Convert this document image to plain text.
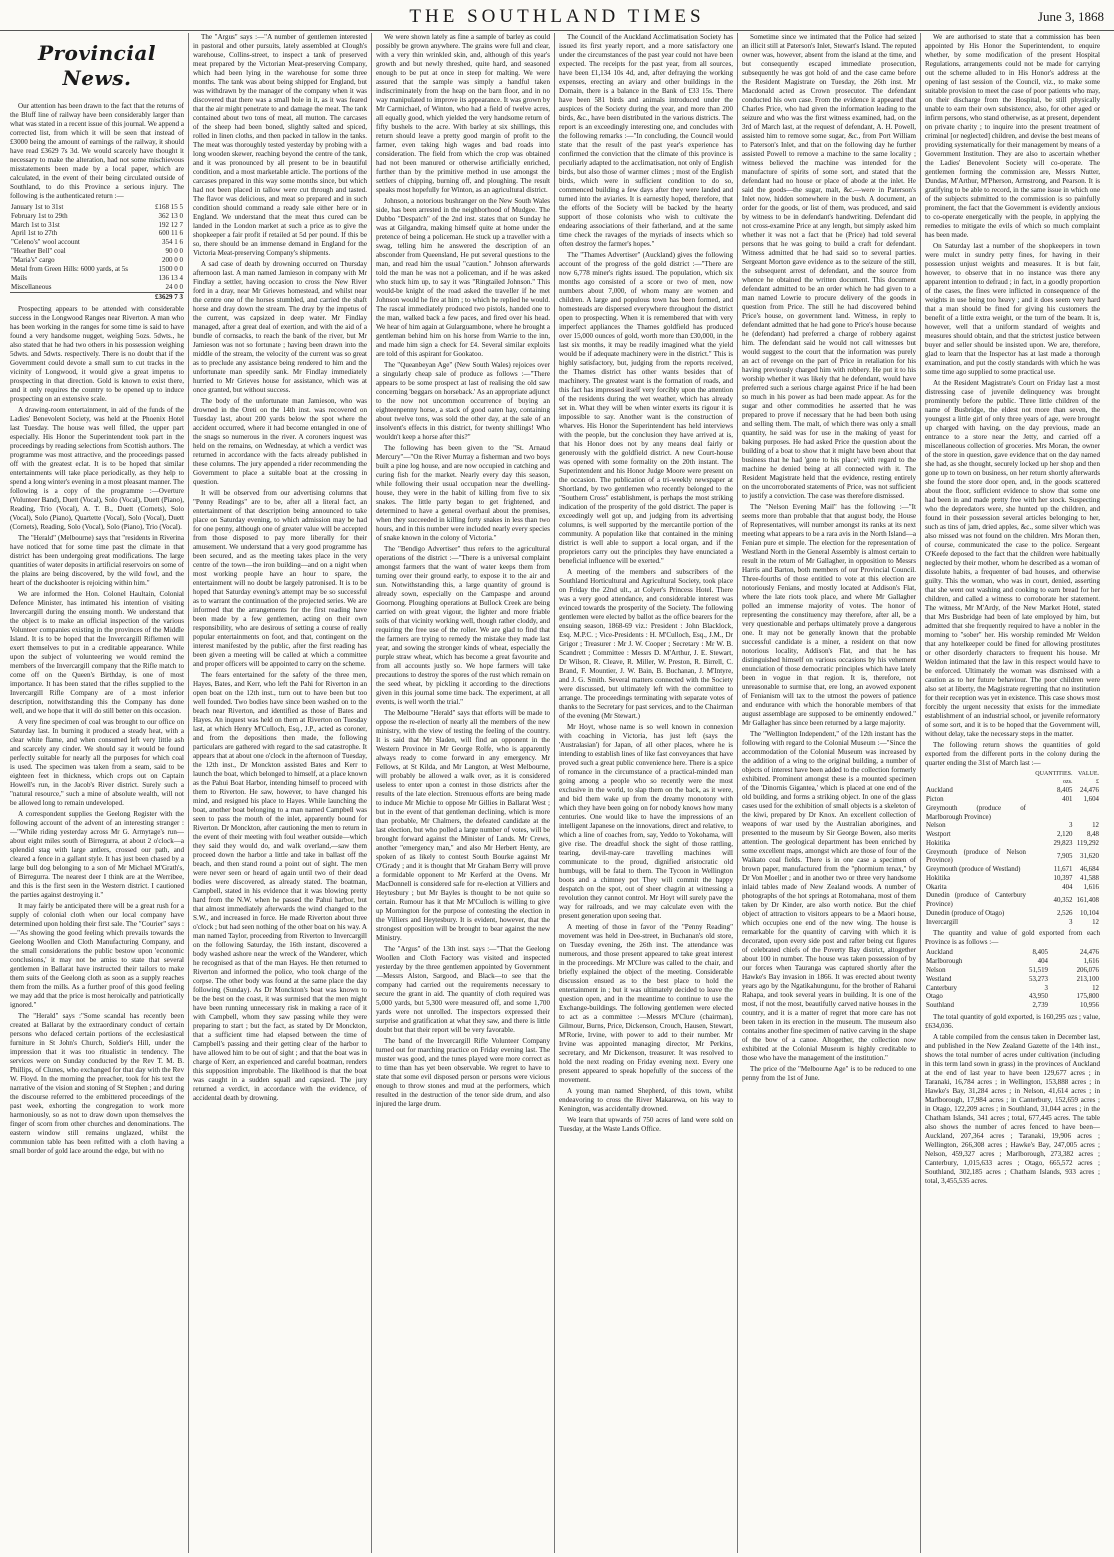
THE SOUTHLAND TIMES	June 3, 1868
Provincial News.

Our attention has been drawn to the fact that the returns of the Bluff line of railway have been considerably larger than what was stated in a recent issue of this journal. We append a corrected list, from which it will be seen that instead of £3000 being the amount of earnings of the railway, it should have read £3629 7s 3d. We would scarcely have thought it necessary to make the alteration, had not some mischievous misstatements been made by a local paper, which are calculated, in the event of their being circulated outside of Southland, to do this Province a serious injury. The following is the authenticated return :—

January 1st to 31st	£168 15 5
February 1st to 29th	362 13 0
March 1st to 31st	192 12 7
April 1st to 27th	600 11 6
"Celeno's" wool account	354 1 6
"Heather Bell" coal	90 0 0
"Maria's" cargo	200 0 0
Metal from Green Hills: 6000 yards, at 5s	1500 0 0
Mails	136 13 4
Miscellaneous	24 0 0
	£3629 7 3

Prospecting appears to be attended with considerable success in the Longwood Ranges near Riverton. A man who has been working in the ranges for some time is said to have found a very handsome nugget, weighing 5ozs. 5dwts., he also stated that he had two others in his possession weighing 5dwts. and 5dwts. respectively. There is no doubt that if the Government could devote a small sum to cut tracks in the vicinity of Longwood, it would give a great impetus to prospecting in that direction. Gold is known to exist there, and it only requires the country to be opened up to induce prospecting on an extensive scale.

A drawing-room entertainment, in aid of the funds of the Ladies' Benevolent Society, was held at the Phoenix Hotel last Tuesday. The house was well filled, the upper part especially. His Honor the Superintendent took part in the proceedings by reading selections from Scottish authors. The programme was most attractive, and the proceedings passed off with the greatest eclat. It is to be hoped that similar entertainments will take place periodically, as they help to spend a long winter's evening in a most pleasant manner. The following is a copy of the programme :—Overture (Volunteer Band), Duett (Vocal), Solo (Vocal), Duett (Piano), Reading, Trio (Vocal), A. T. B., Duett (Cornets), Solo (Vocal), Solo (Piano), Quartette (Vocal), Solo (Vocal), Duett (Cornets), Reading, Solo (Vocal), Solo (Piano), Trio (Vocal).

The "Herald" (Melbourne) says that "residents in Riverina have noticed that for some time past the climate in that district has been undergoing great modifications. The large quantities of water deposits in artificial reservoirs on some of the plains are being discovered, by the wild fowl, and the heart of the duckshooter is rejoicing within him."

We are informed the Hon. Colonel Haultain, Colonial Defence Minister, has intimated his intention of visiting Invercargill during the ensuing month. We understand that the object is to make an official inspection of the various Volunteer companies existing in the provinces of the Middle Island. It is to be hoped that the Invercargill Riflemen will exert themselves to put in a creditable appearance. While upon the subject of volunteering we would remind the members of the Invercargill company that the Rifle match to come off on the Queen's Birthday, is one of most importance. It has been stated that the rifles supplied to the Invercargill Rifle Company are of a most inferior description, notwithstanding this the Company has done well, and we hope that it will do still better on this occasion.

A very fine specimen of coal was brought to our office on Saturday last. In burning it produced a steady heat, with a clear white flame, and when consumed left very little ash and scarcely any cinder. We should say it would be found perfectly suitable for nearly all the purposes for which coal is used. The specimen was taken from a seam, said to be eighteen feet in thickness, which crops out on Captain Howell's run, in the Jacob's River district. Surely such a "natural resource," such a mine of absolute wealth, will not be allowed long to remain undeveloped.

A correspondent supplies the Geelong Register with the following account of the advent of an interesting stranger :—"While riding yesterday across Mr G. Armytage's run—about eight miles south of Birregurra, at about 2 o'clock—a splendid stag with large antlers, crossed our path, and cleared a fence in a gallant style. It has just been chased by a large bull dog belonging to a son of Mr Michael M'Grath's, of Birregurra. The nearest deer I think are at the Werribee, and this is the first seen in the Western district. I cautioned the parties against destroying it."

It may fairly be anticipated there will be a great rush for a supply of colonial cloth when our local company have determined upon holding their first sale. The "Courier" says :—"As showing the good feeling which prevails towards the Geelong Woollen and Cloth Manufacturing Company, and the small considerations the public bestow upon 'economic conclusions,' it may not be amiss to state that several gentlemen in Ballarat have instructed their tailors to make them suits of the Geelong cloth as soon as a supply reaches them from the mills. As a further proof of this good feeling we may add that the price is most heroically and patriotically ignored."

The "Herald" says :"Some scandal has recently been created at Ballarat by the extraordinary conduct of certain persons who defaced certain portions of the ecclesiastical furniture in St John's Church, Soldier's Hill, under the impression that it was too ritualistic in tendency. The services were on Sunday conducted by the Rev T. M. B. Phillips, of Clunes, who exchanged for that day with the Rev W. Floyd. In the morning the preacher, took for his text the narrative of the vision and stoning of St Stephen ; and during the discourse referred to the embittered proceedings of the past week, exhorting the congregation to work more harmoniously, so as not to draw down upon themselves the finger of scorn from other churches and denominations. The eastern window still remains unglazed, whilst the communion table has been refitted with a cloth having a small border of gold lace around the edge, but with no

The "Argus" says :—"A number of gentlemen interested in pastoral and other pursuits, lately assembled at Clough's warehouse, Collins-street, to inspect a tank of preserved meat prepared by the Victorian Meat-preserving Company, which had been lying in the warehouse for some three months. The tank was about being shipped for England, but was withdrawn by the manager of the company when it was discovered that there was a small hole in it, as it was feared that the air might penetrate to and damage the meat. The tank contained about two tons of meat, all mutton. The carcases of the sheep had been boned, slightly salted and spiced, rolled in linen cloths, and then packed in tallow in the tanks. The meat was thoroughly tested yesterday by probing with a long wooden skewer, reaching beyond the centre of the tank, and it was pronounced by all present to be in beautiful condition, and a most marketable article. The portions of the carcases prepared in this way some months since, but which had not been placed in tallow were cut through and tasted. The flavor was delicious, and meat so prepared and in such condition should command a ready sale either here or in England. We understand that the meat thus cured can be landed in the London market at such a price as to give the shopkeeper a fair profit if retailed at 5d per pound. If this be so, there should be an immense demand in England for the Victoria Meat-preserving Company's shipments.

A sad case of death by drowning occurred on Thursday afternoon last. A man named Jamieson in company with Mr Findlay a settler, having occasion to cross the New River ford in a dray, near Mr Grieves homestead, and whilst near the centre one of the horses stumbled, and carried the shaft horse and dray down the stream. The dray by the impetus of the current, was capsized in deep water. Mr Findlay managed, after a great deal of exertion, and with the aid of a bundle of cornsacks, to reach the bank of the river, but Mr Jamieson was not so fortunate ; having been drawn into the middle of the stream, the velocity of the current was so great as to preclude any assistance being rendered to him and the unfortunate man speedily sank. Mr Findlay immediately hurried to Mr Grieves house for assistance, which was at once granted, but without success.

The body of the unfortunate man Jamieson, who was drowned in the Oreti on the 14th inst. was recovered on Tuesday last, about 200 yards below the spot where the accident occurred, where it had become entangled in one of the snags so numerous in the river. A coroners inquest was held on the remains, on Wednesday, at which a verdict was returned in accordance with the facts already published in these columns. The jury appended a rider recommending the Government to place a suitable boat at the crossing in question.

It will be observed from our advertising columns that "Penny Readings" are to be, after all a literal fact, an entertainment of that description being announced to take place on Saturday evening, to which admission may be had for one penny, although one of greater value will be accepted from those disposed to pay more liberally for their amusement. We understand that a very good programme has been secured, and as the meeting takes place in the very centre of the town—the iron building—and on a night when most working people have an hour to spare, the entertainment will no doubt be largely patronised. It is to be hoped that Saturday evening's attempt may be so successful as to warrant the continuation of the projected series. We are informed that the arrangements for the first reading have been made by a few gentlemen, acting on their own responsibility, who are desirous of setting a course of really popular entertainments on foot, and that, contingent on the interest manifested by the public, after the first reading has been given a meeting will be called at which a committee and proper officers will be appointed to carry on the scheme.

The fears entertained for the safety of the three men, Hayes, Bates, and Kerr, who left the Pahi for Riverton in an open boat on the 12th inst., turn out to have been but too well founded. Two bodies have since been washed on to the beach near Riverton, and identified as those of Bates and Hayes. An inquest was held on them at Riverton on Tuesday last, at which Henry M'Culloch, Esq., J.P., acted as coroner, and from the depositions then made, the following particulars are gathered with regard to the sad catastrophe. It appears that at about one o'clock in the afternoon of Tuesday, the 12th inst., Dr Monckton assisted Bates and Kerr to launch the boat, which belonged to himself, at a place known as the Pahui Boat Harbor, intending himself to proceed with them to Riverton. He saw, however, to have changed his mind, and resigned his place to Hayes. While launching the boat, another boat belonging to a man named Campbell was seen to pass the mouth of the inlet, apparently bound for Riverton. Dr Monckton, after cautioning the men to return in the event of their meeting with foul weather outside—which they said they would do, and walk overland,—saw them proceed down the harbor a little and take in ballast off the beach, and then stand round a point out of sight. The men were never seen or heard of again until two of their dead bodies were discovered, as already stated. The boatman, Campbell, stated in his evidence that it was blowing pretty hard from the N.W. when he passed the Pahui harbor, but that almost immediately afterwards the wind changed to the S.W., and increased in force. He made Riverton about three o'clock ; but had seen nothing of the other boat on his way. A man named Taylor, proceeding from Riverton to Invercargill on the following Saturday, the 16th instant, discovered a body washed ashore near the wreck of the Wanderer, which he recognised as that of the man Hayes. He then returned to Riverton and informed the police, who took charge of the corpse. The other body was found at the same place the day following (Sunday). As Dr Monckton's boat was known to be the best on the coast, it was surmised that the men might have been running unnecessary risk in making a race of it with Campbell, whom they saw passing while they were preparing to start ; but the fact, as stated by Dr Monckton, that a sufficient time had elapsed between the time of Campbell's passing and their getting clear of the harbor to have allowed him to be out of sight ; and that the boat was in charge of Kerr, an experienced and careful boatman, renders this supposition improbable. The likelihood is that the boat was caught in a sudden squall and capsized. The jury returned a verdict, in accordance with the evidence, of accidental death by drowning.

We were shown lately as fine a sample of barley as could possibly be grown anywhere. The grains were full and clear, with a very thin wrinkled skin, and, although of this year's growth and but newly threshed, quite hard, and seasoned enough to be put at once in steep for malting. We were assured that the sample was simply a handful taken indiscriminately from the heap on the barn floor, and in no way manipulated to improve its appearance. It was grown by Mr Carmichael, of Winton, who had a field of twelve acres, all equally good, which yielded the very handsome return of fifty bushels to the acre. With barley at six shillings, this return should leave a pretty good margin of profit to the farmer, even taking high wages and bad roads into consideration. The field from which the crop was obtained had not been manured or otherwise artificially enriched, further than by the primitive method in use amongst the settlers of chipping, burning off, and ploughing. The result speaks most hopefully for Winton, as an agricultural district.

Johnson, a notorious bushranger on the New South Wales side, has been arrested in the neighborhood of Mudgee. The Dubbo "Despatch" of the 2nd inst. states that on Sunday he was at Gilgandra, making himself quite at home under the pretence of being a policeman. He stuck up a traveller with a swag, telling him he answered the description of an absconder from Queensland, He put several questions to the man, and read him the usual "caution." Johnson afterwards told the man he was not a policeman, and if he was asked who stuck him up, to say it was "Ringtailed Johnson." This would-be knight of the road asked the traveller if he met Johnson would he fire at him ; to which he replied he would. The rascal immediately produced two pistols, handed one to the man, walked back a few paces, and fired over his head. We hear of him again at Gularguambone, where he brought a gentleman behind him on his horse from Warrie to the inn, and made him sign a check for £4. Several similar exploits are told of this aspirant for Gookatoo.

The "Queanbeyan Age" (New South Wales) rejoices over a singularly cheap sale of produce as follows :—"There appears to be some prospect at last of realising the old saw concerning 'beggars on horseback.' As an appropriate adjunct to the now not uncommon occurrence of buying an eighteenpenny horse, a stack of good oaten hay, containing about twelve tons, was sold the other day, at the sale of an insolvent's effects in this district, for twenty shillings! Who wouldn't keep a horse after this?"

The following has been given to the "St. Arnaud Mercury"—"On the River Murray a fisherman and two boys built a pine log house, and are now occupied in catching and curing fish for the market. Nearly every day this season, while following their usual occupation near the dwelling-house, they were in the habit of killing from five to six snakes. The little party began to get frightened, and determined to have a general overhaul about the premises, when they succeeded in killing forty snakes in less than two hours, and in this number were included nearly every species of snake known in the colony of Victoria."

The "Bendigo Advertiser" thus refers to the agricultural operations of the district :—"There is a universal complaint amongst farmers that the want of water keeps them from turning over their ground early, to expose it to the air and sun. Notwithstanding this, a large quantity of ground is already sown, especially on the Campaspe and around Goornong. Ploughing operations at Bullock Creek are being carried on with great vigour, the lighter and more friable soils of that vicinity working well, though rather cloddy, and requiring the free use of the roller. We are glad to find that the farmers are trying to remedy the mistake they made last year, and sowing the stronger kinds of wheat, especially the purple straw wheat, which has become a great favourite and from all accounts justly so. We hope farmers will take precautions to destroy the spores of the rust which remain on the seed wheat, by pickling it according to the directions given in this journal some time back. The experiment, at all events, is well worth the trial."

The Melbourne "Herald" says that efforts will be made to oppose the re-election of nearly all the members of the new ministry, with the view of testing the feeling of the country. It is said that Mr Sladen, will find an opponent in the Western Province in Mr George Rolfe, who is apparently always ready to come forward in any emergency. Mr Fellows, at St Kilda, and Mr Langton, at West Melbourne, will probably be allowed a walk over, as it is considered useless to enter upon a contest in those districts after the results of the late election. Strenuous efforts are being made to induce Mr Michie to oppose Mr Gillies in Ballarat West ; but in the event of that gentleman declining, which is more than probable, Mr Chalmers, the defeated candidate at the last election, but who polled a large number of votes, will be brought forward against the Minister of Lands. Mr Crews, another "emergency man," and also Mr Herbert Henty, are spoken of as likely to contest South Bourke against Mr O'Grady ; and it is thought that Mr Graham Berry will prove a formidable opponent to Mr Kerferd at the Ovens. Mr MacDonnell is considered safe for re-election at Villiers and Heytesbury ; but Mr Bayles is thought to be not quite so certain. Rumour has it that Mr M'Culloch is willing to give up Mornington for the purpose of contesting the election in the Villiers and Heytesbury. It is evident, however, that the strongest opposition will be brought to bear against the new Ministry.

The "Argus" of the 13th inst. says :—"That the Geelong Woollen and Cloth Factory was visited and inspected yesterday by the three gentlemen appointed by Government—Messrs Alston, Sargood, and Black—to see that the company had carried out the requirements necessary to secure the grant in aid. The quantity of cloth required was 5,000 yards, but 5,300 were measured off, and some 1,700 yards were not unrolled. The inspectors expressed their surprise and gratification at what they saw, and there is little doubt but that their report will be very favorable.

The band of the Invercargill Rifle Volunteer Company turned out for marching practice on Friday evening last. The muster was good, and the tunes played were more correct as to time than has yet been observable. We regret to have to state that some evil disposed person or persons were vicious enough to throw stones and mud at the performers, which resulted in the destruction of the tenor side drum, and also injured the large drum.

The Council of the Auckland Acclimatisation Society has issued its first yearly report, and a more satisfactory one under the circumstances of the past year could not have been expected. The receipts for the past year, from all sources, have been £1,134 10s 4d, and, after defraying the working expenses, erecting an aviary and other buildings in the Domain, there is a balance in the Bank of £33 15s. There have been 581 birds and animals introduced under the auspices of the Society during the year, and more than 200 birds, &c., have been distributed in the various districts. The report is an exceedingly interesting one, and concludes with the following remarks :—"In concluding, the Council would state that the result of the past year's experience has confirmed the conviction that the climate of this province is peculiarly adapted to the acclimatisation, not only of English birds, but also those of warmer climes ; most of the English birds, which were in sufficient condition to do so, commenced building a few days after they were landed and turned into the aviaries. It is earnestly hoped, therefore, that the efforts of the Society will be backed by the hearty support of those colonists who wish to cultivate the endearing associations of their fatherland, and at the same time check the ravages of the myriads of insects which so often destroy the farmer's hopes."

The "Thames Advertiser" (Auckland) gives the following account of the progress of the gold district :—"There are now 6,778 miner's rights issued. The population, which six months ago consisted of a score or two of men, now numbers about 7,000, of whom many are women and children. A large and populous town has been formed, and homesteads are dispersed everywhere throughout the district open to prospecting. When it is remembered that with very imperfect appliances the Thames goldfield has produced over 15,000 ounces of gold, worth more than £30,000, in the last six months, it may be readily imagined what the yield would be if adequate machinery were in the district." This is highly satisfactory, but, judging from the reports received, the Thames district has other wants besides that of machinery. The greatest want is the formation of roads, and this fact has impressed itself very forcibly upon the attention of the residents during the wet weather, which has already set in. What they will be when winter exerts its rigour it is impossible to say. Another want is the construction of wharves. His Honor the Superintendent has held interviews with the people, but the conclusion they have arrived at is, that his Honor does not by any means deal fairly or generously with the goldfield district. A new Court-house was opened with some formality on the 20th instant. The Superintendent and his Honor Judge Moore were present on the occasion. The publication of a tri-weekly newspaper at Shortland, by two gentlemen who recently belonged to the "Southern Cross" establishment, is perhaps the most striking indication of the prosperity of the gold district. The paper is exceedingly well got up, and judging from its advertising columns, is well supported by the mercantile portion of the community. A population like that contained in the mining district is well able to support a local organ, and if the proprietors carry out the principles they have enunciated a beneficial influence will be exerted."

A meeting of the members and subscribers of the Southland Horticultural and Agricultural Society, took place on Friday the 22nd ult., at Colyer's Princess Hotel. There was a very good attendance, and considerable interest was evinced towards the prosperity of the Society. The following gentlemen were elected by ballot as the office bearers for the ensuing season, 1868-69 viz.: President : John Blacklock, Esq. M.P.C. ; Vice-Presidents : H. M'Culloch, Esq., J.M., Dr Grigor ; Treasurer : Mr J. W. Cooper ; Secretary : Mr W. B. Scandrett ; Committee : Messrs D. M'Arthur, J. E. Stewart, Dr Wilson, R. Cleave, R. Miller, W. Preston, R. Birrell, C. Brand, F. Mountier, J. W. Bain, B. Buchanan, J. M'Intyre, and J. G. Smith. Several matters connected with the Society were discussed, but ultimately left with the committee to arrange. The proceedings terminating with separate votes of thanks to the Secretary for past services, and to the Chairman of the evening (Mr Stewart.)

Mr Hoyt, whose name is so well known in connexion with coaching in Victoria, has just left (says the 'Australasian') for Japan, of all other places, where he is intending to establish lines of like fast conveyances that have proved such a great public convenience here. There is a spice of romance in the circumstance of a practical-minded man going among a people who so recently were the most exclusive in the world, to slap them on the back, as it were, and bid them wake up from the dreamy monotony with which they have been going on for nobody knows how many centuries. One would like to have the impressions of an intelligent Japanese on the innovations, direct and relative, to which a line of coaches from, say, Yeddo to Yokohama, will give rise. The dreadful shock the sight of those rattling, tearing, devil-may-care travelling machines will communicate to the proud, dignified aristocratic old humbugs, will be fatal to them. The Tycoon in Wellington boots and a chimney pot They will commit the happy despatch on the spot, out of sheer chagrin at witnessing a revolution they cannot control. Mr Hoyt will surely pave the way for railroads, and we may calculate even with the present generation upon seeing that.

A meeting of those in favor of the "Penny Reading" movement was held in Dee-street, in Buchanan's old store, on Tuesday evening, the 26th inst. The attendance was numerous, and those present appeared to take great interest in the proceedings. Mr M'Clure was called to the chair, and briefly explained the object of the meeting. Considerable discussion ensued as to the best place to hold the entertainment in ; but it was ultimately decided to leave the question open, and in the meantime to continue to use the Exchange-buildings. The following gentlemen were elected to act as a committee :—Messrs M'Clure (chairman), Gilmour, Burns, Price, Dickenson, Crouch, Hausen, Stewart, M'Rorie, Irvine, with power to add to their number. Mr Irvine was appointed managing director, Mr Perkins, secretary, and Mr Dickenson, treasurer. It was resolved to hold the next reading on Friday evening next. Every one present appeared to speak hopefully of the success of the movement.

A young man named Shepherd, of this town, whilst endeavoring to cross the River Makarewa, on his way to Kenington, was accidentally drowned.

We learn that upwards of 750 acres of land were sold on Tuesday, at the Waste Lands Office.

Sometime since we intimated that the Police had seized an illicit still at Paterson's Inlet, Stewart's Island. The reputed owner was, however, absent from the island at the time, and but consequently escaped immediate prosecution, subsequently he was got hold of and the case came before the Resident Magistrate on Tuesday, the 26th inst. Mr Macdonald acted as Crown prosecutor. The defendant conducted his own case. From the evidence it appeared that Charles Price, who had given the information leading to the seizure and who was the first witness examined, had, on the 3rd of March last, at the request of defendant, A. H. Powell, assisted him to remove some sugar, &c., from Port William to Paterson's Inlet, and that on the following day he further assisted Powell to remove a machine to the same locality ; witness believed the machine was intended for the manufacture of spirits of some sort, and stated that the defendant had no house or place of abode at the inlet. He said the goods—the sugar, malt, &c.—were in Paterson's Inlet now, hidden somewhere in the bush. A document, an order for the goods, or list of them, was produced, and said by witness to be in defendant's handwriting. Defendant did not cross-examine Price at any length, but simply asked him whether it was not a fact that he (Price) had told several persons that he was going to build a craft for defendant. Witness admitted that he had said so to several parties. Sergeant Morton gave evidence as to the seizure of the still, the subsequent arrest of defendant, and the source from whence he obtained the written document. This document defendant admitted to be an order which he had given to a man named Lowrie to procure delivery of the goods in question from Price. The still he had discovered behind Price's house, on government land. Witness, in reply to defendant admitted that he had gone to Price's house because he (defendant) had preferred a charge of robbery against him. The defendant said he would not call witnesses but would suggest to the court that the information was purely an act of revenge on the part of Price in retaliation for his having previously charged him with robbery. He put it to his worship whether it was likely that he defendant, would have preferred such a serious charge against Price if he had been so much in his power as had been made appear. As for the sugar and other commodities he asserted that he was prepared to prove if necessary that he had been both using and selling them. The malt, of which there was only a small quantity, he said was for use in the making of yeast for baking purposes. He had asked Price the question about the building of a boat to show that it might have been about that business that he had 'gone to his place'; with regard to the machine he denied being at all connected with it. The Resident Magistrate held that the evidence, resting entirely on the uncorroborated statements of Price, was not sufficient to justify a conviction. The case was therefore dismissed.

The "Nelson Evening Mail" has the following :—"It seems more than probable that that august body, the House of Representatives, will number amongst its ranks at its next meeting what appears to be a rara avis in the North Island—a Fenian pure et simple. The election for the representation of Westland North in the General Assembly is almost certain to result in the return of Mr Gallagher, in opposition to Messrs Harris and Barton, both members of our Provincial Council. Three-fourths of those entitled to vote at this election are notoriously Fenians, and mostly located at Addison's Flat, where the late riots took place, and where Mr Gallagher polled an immense majority of votes. The honor of representing the constituency may therefore, after all, be a very questionable and perhaps ultimately prove a dangerous one. It may not be generally known that the probable successful candidate is a miner, a resident on that now notorious locality, Addison's Flat, and that he has distinguished himself on various occasions by his vehement enunciation of those democratic principles which have lately been in vogue in that region. It is, therefore, not unreasonable to surmise that, ere long, an avowed exponent of Fenianism will tax to the utmost the powers of patience and endurance with which the honorable members of that august assemblage are supposed to be eminently endowed." Mr Gallagher has since been returned by a large majority.

The "Wellington Independent," of the 12th instant has the following with regard to the Colonial Museum :—"Since the accommodation of the Colonial Museum was increased by the addition of a wing to the original building, a number of objects of interest have been added to the collection formerly exhibited. Prominent amongst these is a mounted specimen of the 'Dinornis Gigantea,' which is placed at one end of the old building, and forms a striking object. In one of the glass cases used for the exhibition of small objects is a skeleton of the kiwi, prepared by Dr Knox. An excellent collection of weapons of war used by the Australian aborigines, and presented to the museum by Sir George Bowen, also merits attention. The geological department has been enriched by some excellent maps, amongst which are those of four of the Waikato coal fields. There is in one case a specimen of brown paper, manufactured from the "phormium tenax," by Dr Von Moeller ; and in another two or three very handsome inlaid tables made of New Zealand woods. A number of photographs of the hot springs at Rotomahana, most of them taken by Dr Kinder, are also worth notice. But the chief object of attraction to visitors appears to be a Maori house, which occupies one end of the new wing. The house is remarkable for the quantity of carving with which it is decorated, upon every side post and rafter being cut figures of celebrated chiefs of the Poverty Bay district, altogether about 100 in number. The house was taken possession of by our forces when Tauranga was captured shortly after the Hawke's Bay invasion in 1866. It was erected about twenty years ago by the Ngatikahungunu, for the brother of Raharui Rahapa, and took several years in building. It is one of the most, if not the most, beautifully carved native houses in the country, and it is a matter of regret that more care has not been taken in its erection in the museum. The museum also contains another fine specimen of native carving in the shape of the bow of a canoe. Altogether, the collection now exhibited at the Colonial Museum is highly creditable to those who have the management of the institution."

The price of the "Melbourne Age" is to be reduced to one penny from the 1st of June.

We are authorised to state that a commission has been appointed by His Honor the Superintendent, to enquire whether, by some modification of the present Hospital Regulations, arrangements could not be made for carrying out the scheme alluded to in His Honor's address at the opening of last session of the Council, viz., to make some suitable provision to meet the case of poor patients who may, on their discharge from the Hospital, be still physically unable to earn their own subsistence, also, for other aged or infirm persons, who stand otherwise, as at present, dependent on private charity ; to inquire into the present treatment of criminal [or neglected] children, and devise the best means of providing systematically for their management by means of a Government Institution. They are also to ascertain whether the Ladies' Benevolent Society will co-operate. The gentlemen forming the commission are, Messrs Nutter, Dundas, M'Arthur, M'Pherson, Armstrong, and Pearson. It is gratifying to be able to record, in the same issue in which one of the subjects submitted to the commission is so painfully prominent, the fact that the Government is evidently anxious to co-operate energetically with the people, in applying the remedies to mitigate the evils of which so much complaint has been made.

On Saturday last a number of the shopkeepers in town were mulct in sundry petty fines, for having in their possession unjust weights and measures. It is but fair, however, to observe that in no instance was there any apparent intention to defraud ; in fact, in a goodly proportion of the cases, the fines were inflicted in consequence of the weights in use being too heavy ; and it does seem very hard that a man should be fined for giving his customers the benefit of a little extra weight, or the turn of the beam. It is, however, well that a uniform standard of weights and measures should obtain, and that the strictest justice between buyer and seller should be insisted upon. We are, therefore, glad to learn that the Inspector has at last made a thorough examination, and put the costly standards with which he was some time ago supplied to some practical use.

At the Resident Magistrate's Court on Friday last a most distressing case of juvenile delinquency was brought prominently before the public. Three little children of the name of Busbridge, the eldest not more than seven, the youngest a little girl of only three years of age, were brought up charged with having, on the day previous, made an entrance to a store near the Jetty, and carried off a miscellaneous collection of groceries. Mrs Moran, the owner of the store in question, gave evidence that on the day named she had, as she thought, securely locked up her shop and then gone up to town on business, on her return shortly afterwards she found the store door open, and, in the goods scattered about the floor, sufficient evidence to show that some one had been in and made pretty free with her stock. Suspecting who the depredators were, she hunted up the children, and found in their possession several articles belonging to her, such as tins of jam, dried apples, &c., some silver which was also missed was not found on the children. Mrs Moran then, of course, communicated the case to the police. Sergeant O'Keefe deposed to the fact that the children were habitually neglected by their mother, whom he described as a woman of dissolute habits, a frequenter of bad houses, and otherwise guilty. This the woman, who was in court, denied, asserting that she went out washing and cooking to earn bread for her children, and called a witness to corroborate her statement. The witness, Mr M'Ardy, of the New Market Hotel, stated that Mrs Busbridge had been of late employed by him, but admitted that she frequently required to have a nobler in the morning to "sober" her. His worship reminded Mr Weldon that any hotelkeeper could be fined for allowing prostitutes or other disorderly characters to frequent his house. Mr Weldon intimated that the law in this respect would have to be enforced. Ultimately the woman was dismissed with a caution as to her future behaviour. The poor children were also set at liberty, the Magistrate regretting that no institution for their reception was yet in existence. This case shows most forcibly the urgent necessity that exists for the immediate establishment of an industrial school, or juvenile reformatory of some sort, and it is to be hoped that the Government will, without delay, take the necessary steps in the matter.

The following return shows the quantities of gold exported from the different ports in the colony during the quarter ending the 31st of March last :—

	QUANTITIES. ozs.	VALUE. £
Auckland	8,405	24,476
Picton	401	1,604
Greymouth (produce of Marlborough Province)		
Nelson	3	12
Westport	2,120	8,48
Hokitika	29,823	119,292
Greymouth (produce of Nelson Province)	7,905	31,620
Greymouth (produce of Westland)	11,671	46,684
Hokitika	10,397	41,588
Okarita	404	1,616
Dunedin (produce of Canterbury Province)	40,352	161,408
Dunedin (produce of Otago)	2,526	10,104
Invercargill	3	12

The quantity and value of gold exported from each Province is as follows :—

Auckland	8,405	24,476
Marlborough	404	1,616
Nelson	51,519	206,076
Westland	53,273	213,100
Canterbury	3	12
Otago	43,950	175,800
Southland	2,739	10,956

The total quantity of gold exported, is 160,295 ozs ; value, £634,036.

A table compiled from the census taken in December last, and published in the New Zealand Gazette of the 14th inst., shows the total number of acres under cultivation (including in this term land sown in grass) in the provinces of Auckland at the end of last year to have been 129,677 acres ; in Taranaki, 16,784 acres ; in Wellington, 153,888 acres ; in Hawke's Bay, 31,284 acres ; in Nelson, 41,614 acres ; in Marlborough, 17,984 acres ; in Canterbury, 152,659 acres ; in Otago, 122,209 acres ; in Southland, 31,044 acres ; in the Chatham Islands, 341 acres ; total, 677,445 acres. The table also shows the number of acres fenced to have been—Auckland, 207,364 acres ; Taranaki, 19,906 acres ; Wellington, 266,308 acres ; Hawke's Bay, 247,005 acres ; Nelson, 459,327 acres ; Marlborough, 273,382 acres ; Canterbury, 1,015,633 acres ; Otago, 665,572 acres ; Southland, 302,185 acres ; Chatham Islands, 933 acres ; total, 3,455,535 acres.
